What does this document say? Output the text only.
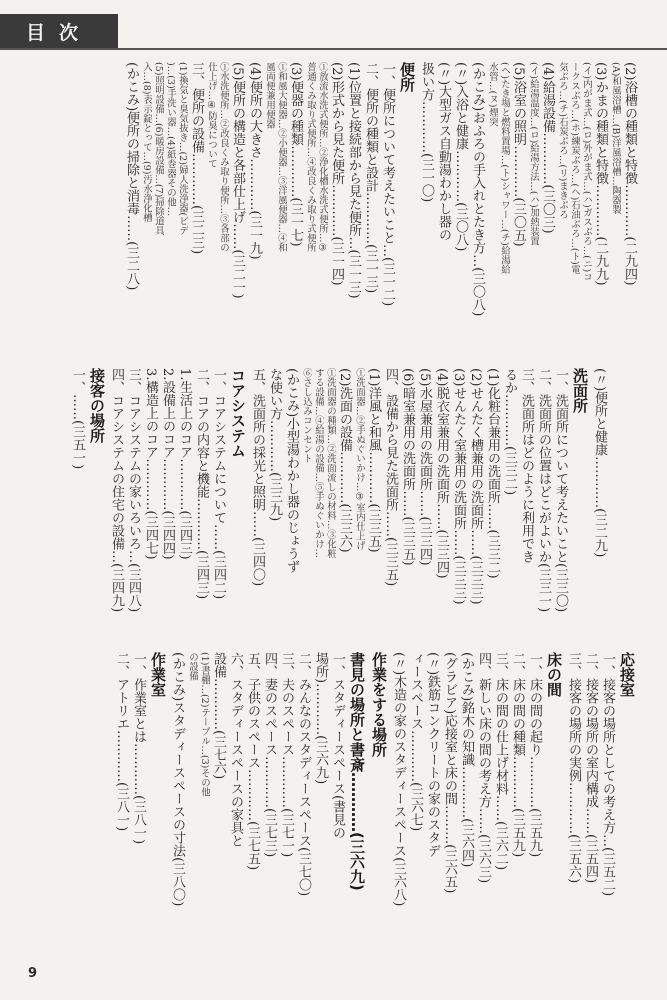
目次
(2)浴槽の種類と特徴…………(二九四)
(A)和風浴槽…(B)洋風浴槽…陶器製
(3)かまの種類と特徴…………(二九九)
(イ)内がま式…(ロ)外がま式…(ハ)ガスぶろ…(ニ)コ
ークスぶろ…(ホ)練炭ぶろ…(ヘ)石油ぶろ…(ト)電
気ぶろ…(チ)石炭ぶろ…(リ)まきぶろ
(4)給湯設備…………(三〇三)
(イ)給湯温度…(ロ)給湯方法…(ハ)加熱装置
(5)浴室の照明…………(三〇五)
(ヘ)たき場と燃料置場…(ト)シャワー…(チ)給湯給
水管…(ヌ)煙突
(かこみ)おふろの手入れとたき方…(三〇八)
(〃)入浴と健康…………(三〇八)
(〃)大型ガス自動湯わかし器の
扱い方…………(三一〇)
便所
一、便所について考えたいこと…(三一二)
二、便所の種類と設計…………(三一三)
(1)位置と接続部から見た便所…(三一三)
(2)形式から見た便所…………(三一四)
①放流水洗式便所…②浄化槽水洗式便所…③
普通くみ取り式便所…④改良くみ取り式便所
(3)便器の種類…………(三一七)
①和風大便器…②小便器…③洋風便器…④和
風両便兼用便器
(4)便所の大きさ…………(三一九)
(5)便所の構造と各部仕上げ……(三二一)
①水洗便所…②改良くみ取り便所…③各部の
仕上げ…④防臭について
三、便所の設備…………(三二三)
(1)換気と臭気抜き…(2)婦人洗浄器(ビデ
)…(3)手洗い器…(4)紙巻器その他…
(5)照明設備…(6)暖房設備…(7)掃除道具
入…(8)表示錠とって…(9)汚水浄化槽
(かこみ)便所の掃除と消毒……(三二八)
(〃)便所と健康…………(三二九)
洗面所
一、洗面所について考えたいこと(三三〇)
二、洗面所の位置はどこがよいか(三三一)
三、洗面所はどのように利用でき
るか…………(三三二)
(1)化粧台兼用の洗面所……(三三二)
(2)せんたく槽兼用の洗面所……(三三三)
(3)せんたく室兼用の洗面所……(三三三)
(4)脱衣室兼用の洗面所……(三三四)
(5)水屋兼用の洗面所……(三三四)
(6)暗室兼用の洗面所……(三三五)
四、設備から見た洗面所……(三三五)
(1)洋風と和風…………(三三五)
①洗面器…②手ぬぐいかけ…③室内仕上げ
(2)洗面の設備…………(三三六)
①洗面器の種類…②洗面流しの材料…③化粧
する設備…④給湯の設備…⑤手ぬぐいかけ…
⑥さし込みコンセント
(かこみ)小型湯わかし器のじょうず
な使い方…………(三三九)
五、洗面所の採光と照明……(三四〇)
コアシステム
一、コアシステムについて……(三四二)
二、コアの内容と機能…………(三四三)
1.生活上のコア…………(三四三)
2.設備上のコア…………(三四四)
3.構造上のコア…………(三四七)
三、コアシステムの家いろいろ…(三四八)
四、コアシステムの住宅の設備…(三四九)
接客の場所
一、……(三五一)
応接室
一、接客の場所としての考え方…(三五二)
二、接客の場所の室内構成……(三五四)
三、接客の場所の実例…………(三五六)
床の間
一、床の間の起り…………(三五九)
二、床の間の種類…………(三五九)
三、床の間の仕上げ材料……(三六二)
四、新しい床の間の考え方……(三六三)
(かこみ)銘木の知識…………(三六四)
(グラビア)応接室と床の間………(三六五)
(〃)鉄筋コンクリートの家のスタデ
ィースペース…………(三六七)
(〃)木造の家のスタディースペース(三六八)
作業をする場所
書見の場所と書斎…………(三六九)
一、スタディースペース(書見の
場所)…………(三六九)
二、みんなのスタディースペース(三七〇)
三、夫のスペース…………(三七一)
四、妻のスペース…………(三七三)
五、子供のスペース…………(三七五)
六、スタディースペースの家具と
設備…………(三七六)
(1)書棚…(2)テーブル…(3)その他
の設備
(かこみ)スタディースペースの寸法(三八〇)
作業室
一、作業室とは…………(三八一)
二、アトリエ…………(三八一)
9
